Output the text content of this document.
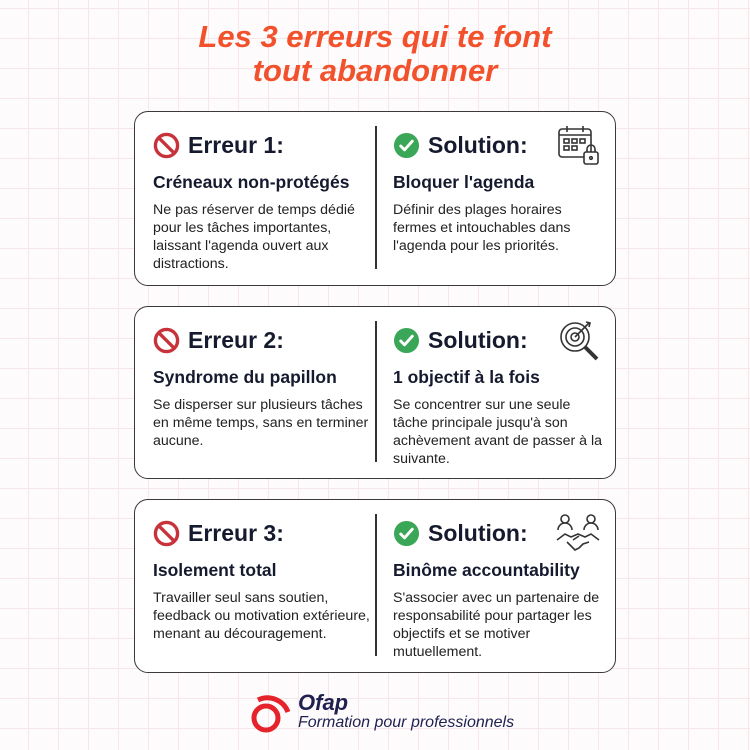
Les 3 erreurs qui te font
tout abandonner
Erreur 1:
Créneaux non-protégés
Ne pas réserver de temps dédié pour les tâches importantes, laissant l'agenda ouvert aux distractions.
Solution:
Bloquer l'agenda
Définir des plages horaires fermes et intouchables dans l'agenda pour les priorités.
Erreur 2:
Syndrome du papillon
Se disperser sur plusieurs tâches en même temps, sans en terminer aucune.
Solution:
1 objectif à la fois
Se concentrer sur une seule tâche principale jusqu'à son achèvement avant de passer à la suivante.
Erreur 3:
Isolement total
Travailler seul sans soutien, feedback ou motivation extérieure, menant au découragement.
Solution:
Binôme accountability
S'associer avec un partenaire de responsabilité pour partager les objectifs et se motiver mutuellement.
Ofap
Formation pour professionnels
